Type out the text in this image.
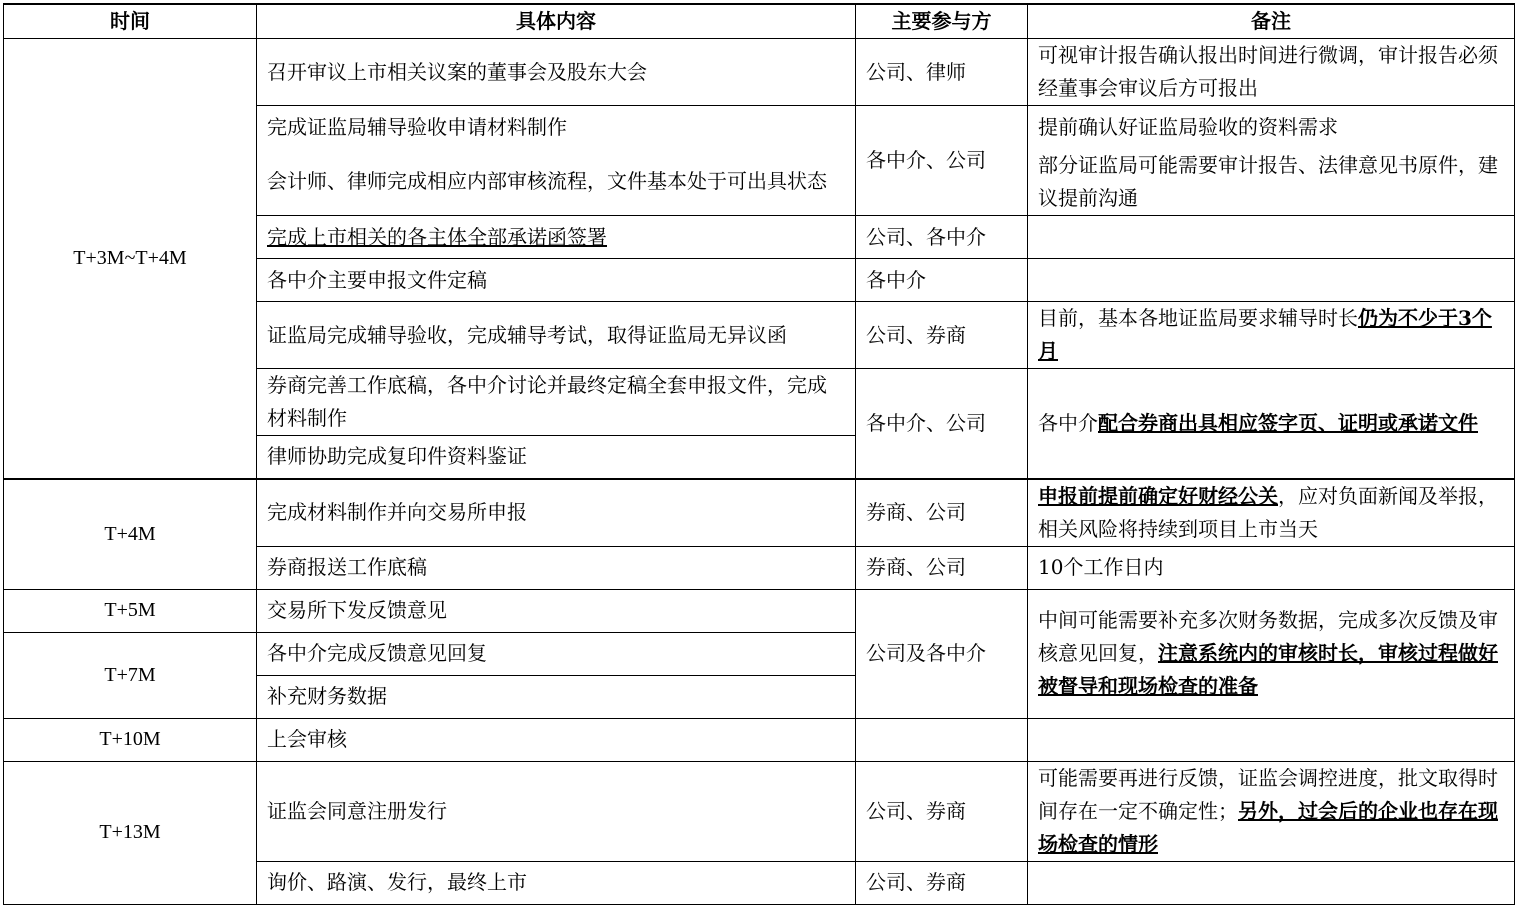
时间	具体内容	主要参与方	备注
T+3M~T+4M	召开审议上市相关议案的董事会及股东大会	公司、律师	可视审计报告确认报出时间进行微调，审计报告必须经董事会审议后方可报出
	完成证监局辅导验收申请材料制作	各中介、公司	提前确认好证监局验收的资料需求
	会计师、律师完成相应内部审核流程，文件基本处于可出具状态		部分证监局可能需要审计报告、法律意见书原件，建议提前沟通
	完成上市相关的各主体全部承诺函签署	公司、各中介	
	各中介主要申报文件定稿	各中介	
	证监局完成辅导验收，完成辅导考试，取得证监局无异议函	公司、券商	目前，基本各地证监局要求辅导时长仍为不少于3个月
	券商完善工作底稿，各中介讨论并最终定稿全套申报文件，完成材料制作	各中介、公司	各中介配合券商出具相应签字页、证明或承诺文件
	律师协助完成复印件资料鉴证		
T+4M	完成材料制作并向交易所申报	券商、公司	申报前提前确定好财经公关，应对负面新闻及举报，相关风险将持续到项目上市当天
	券商报送工作底稿	券商、公司	10个工作日内
T+5M	交易所下发反馈意见	公司及各中介	中间可能需要补充多次财务数据，完成多次反馈及审核意见回复，注意系统内的审核时长，审核过程做好被督导和现场检查的准备
T+7M	各中介完成反馈意见回复		
	补充财务数据		
T+10M	上会审核		
T+13M	证监会同意注册发行	公司、券商	可能需要再进行反馈，证监会调控进度，批文取得时间存在一定不确定性；另外，过会后的企业也存在现场检查的情形
	询价、路演、发行，最终上市	公司、券商	
